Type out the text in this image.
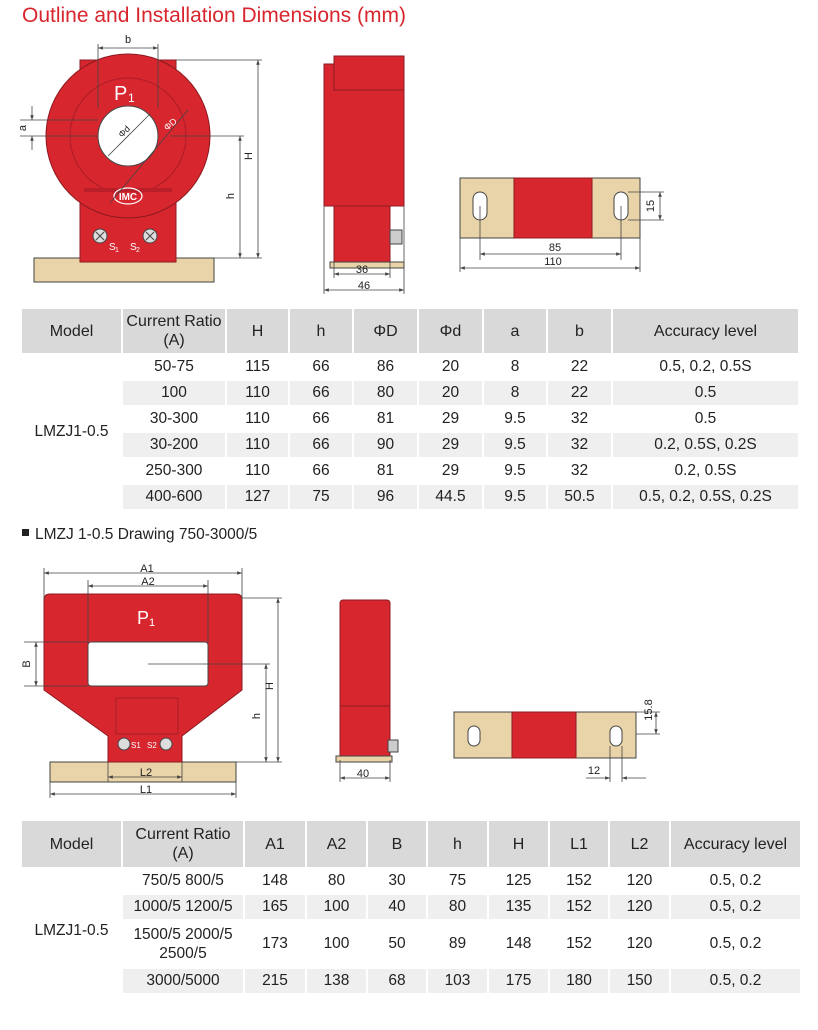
Outline and Installation Dimensions (mm)
IMC
P 1
S 1 S 2
b
a
H
h
ΦD
Φd
36
46
85
110
15
Model	Current Ratio (A)	H	h	ΦD	Φd	a	b	Accuracy level
LMZJ1-0.5	50-75	115	66	86	20	8	22	0.5, 0.2, 0.5S
	100	110	66	80	20	8	22	0.5
	30-300	110	66	81	29	9.5	32	0.5
	30-200	110	66	90	29	9.5	32	0.2, 0.5S, 0.2S
	250-300	110	66	81	29	9.5	32	0.2, 0.5S
	400-600	127	75	96	44.5	9.5	50.5	0.5, 0.2, 0.5S, 0.2S
LMZJ 1-0.5 Drawing 750-3000/5
P 1
S1 S2
A1
A2
B
H
h
L2
L1
40	12
15.8
Model	Current Ratio (A)	A1	A2	B	h	H	L1	L2	Accuracy level
LMZJ1-0.5	750/5 800/5	148	80	30	75	125	152	120	0.5, 0.2
	1000/5 1200/5	165	100	40	80	135	152	120	0.5, 0.2
	1500/5 2000/5 2500/5	173	100	50	89	148	152	120	0.5, 0.2
	3000/5000	215	138	68	103	175	180	150	0.5, 0.2
